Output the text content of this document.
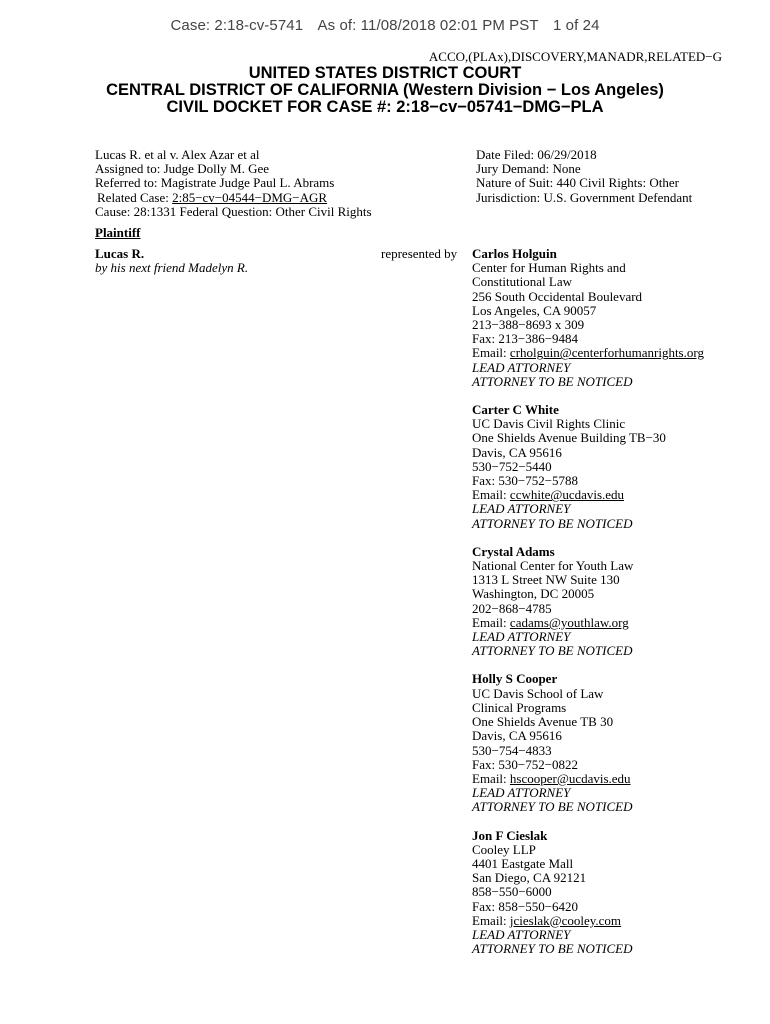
Case: 2:18-cv-5741 As of: 11/08/2018 02:01 PM PST 1 of 24
ACCO,(PLAx),DISCOVERY,MANADR,RELATED−G
UNITED STATES DISTRICT COURT
CENTRAL DISTRICT OF CALIFORNIA (Western Division − Los Angeles)
CIVIL DOCKET FOR CASE #: 2:18−cv−05741−DMG−PLA
Lucas R. et al v. Alex Azar et al
Assigned to: Judge Dolly M. Gee
Referred to: Magistrate Judge Paul L. Abrams
Related Case: 2:85−cv−04544−DMG−AGR
Cause: 28:1331 Federal Question: Other Civil Rights
Date Filed: 06/29/2018
Jury Demand: None
Nature of Suit: 440 Civil Rights: Other
Jurisdiction: U.S. Government Defendant
Plaintiff
Lucas R.
by his next friend Madelyn R.
represented by Carlos Holguin
Center for Human Rights and
Constitutional Law
256 South Occidental Boulevard
Los Angeles, CA 90057
213−388−8693 x 309
Fax: 213−386−9484
Email: crholguin@centerforhumanrights.org
LEAD ATTORNEY
ATTORNEY TO BE NOTICED
Carter C White
UC Davis Civil Rights Clinic
One Shields Avenue Building TB−30
Davis, CA 95616
530−752−5440
Fax: 530−752−5788
Email: ccwhite@ucdavis.edu
LEAD ATTORNEY
ATTORNEY TO BE NOTICED
Crystal Adams
National Center for Youth Law
1313 L Street NW Suite 130
Washington, DC 20005
202−868−4785
Email: cadams@youthlaw.org
LEAD ATTORNEY
ATTORNEY TO BE NOTICED
Holly S Cooper
UC Davis School of Law
Clinical Programs
One Shields Avenue TB 30
Davis, CA 95616
530−754−4833
Fax: 530−752−0822
Email: hscooper@ucdavis.edu
LEAD ATTORNEY
ATTORNEY TO BE NOTICED
Jon F Cieslak
Cooley LLP
4401 Eastgate Mall
San Diego, CA 92121
858−550−6000
Fax: 858−550−6420
Email: jcieslak@cooley.com
LEAD ATTORNEY
ATTORNEY TO BE NOTICED
